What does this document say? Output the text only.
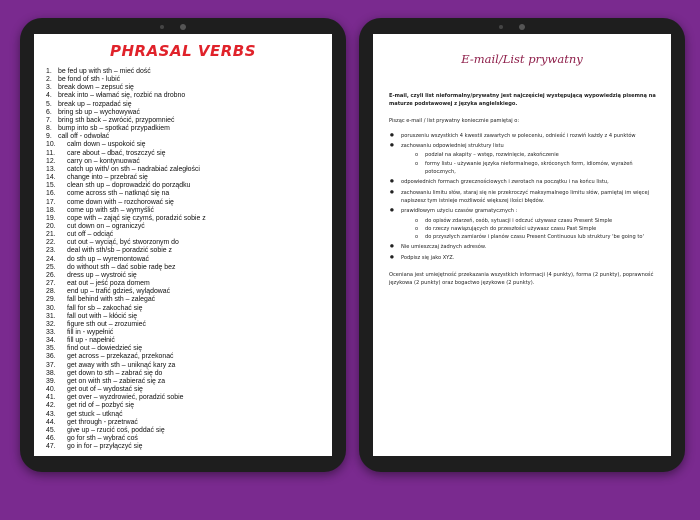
PHRASAL VERBS
1. be fed up with sth – mieć dość
2. be fond of sth - lubić
3. break down – zepsuć się
4. break into – włamać się, rozbić na drobno
5. break up – rozpadać się
6. bring sb up – wychowywać
7. bring sth back – zwrócić, przypomnieć
8. bump into sb – spotkać przypadkiem
9. call off - odwołać
10. calm down – uspokoić się
11. care about – dbać, troszczyć się
12. carry on – kontynuować
13. catch up with/ on sth – nadrabiać zaległości
14. change into – przebrać się
15. clean sth up – doprowadzić do porządku
16. come across sth – natknąć się na
17. come down with – rozchorować się
18. come up with sth – wymyślić
19. cope with – zająć się czymś, poradzić sobie z
20. cut down on – ograniczyć
21. cut off – odciąć
22. cut out – wyciąć, być stworzonym do
23. deal with sth/sb – poradzić sobie z
24. do sth up – wyremontować
25. do without sth – dać sobie radę bez
26. dress up – wystroić się
27. eat out – jeść poza domem
28. end up – trafić gdzieś, wylądować
29. fall behind with sth – zalegać
30. fall for sb – zakochać się
31. fall out with – kłócić się
32. figure sth out – zrozumieć
33. fill in - wypełnić
34. fill up - napełnić
35. find out – dowiedzieć się
36. get across – przekazać, przekonać
37. get away with sth – uniknąć kary za
38. get down to sth – zabrać się do
39. get on with sth – zabierać się za
40. get out of – wydostać się
41. get over – wyzdrowieć, poradzić sobie
42. get rid of – pozbyć się
43. get stuck – utknąć
44. get through - przetrwać
45. give up – rzucić coś, poddać się
46. go for sth – wybrać coś
47. go in for – przyłączyć się
E-mail/List prywatny

E-mail, czyli list nieformalny/prywatny jest najczęściej występującą wypowiedzią pisemną na maturze podstawowej z języka angielskiego.

Pisząc e-mail / list prywatny koniecznie pamiętaj o:

● poruszeniu wszystkich 4 kwestii zawartych w poleceniu, odnieść i rozwiń każdy z 4 punktów
● zachowaniu odpowiedniej struktury listu
o podział na akapity – wstęp, rozwinięcie, zakończenie
o formy listu - używanie języka nieformalnego, skróconych form, idiomów, wyrażeń potocznych,
● odpowiednich formach grzecznościowych i zwrotach na początku i na końcu listu,
● zachowaniu limitu słów, staraj się nie przekroczyć maksymalnego limitu słów, pamiętaj im więcej napiszesz tym istnieje możliwość większej ilości błędów.
● prawidłowym użyciu czasów gramatycznych :
o do opisów zdarzeń, osób, sytuacji i odczuć używasz czasu Present Simple
o do rzeczy nawiązujących do przeszłości używasz czasu Past Simple
o do przyszłych zamiarów i planów czasu Present Continuous lub struktury 'be going to'
● Nie umieszczaj żadnych adresów.
● Podpisz się jako XYZ.

Oceniana jest umiejętność przekazania wszystkich informacji (4 punkty), forma (2 punkty), poprawność językowa (2 punkty) oraz bogactwo językowe (2 punkty).
